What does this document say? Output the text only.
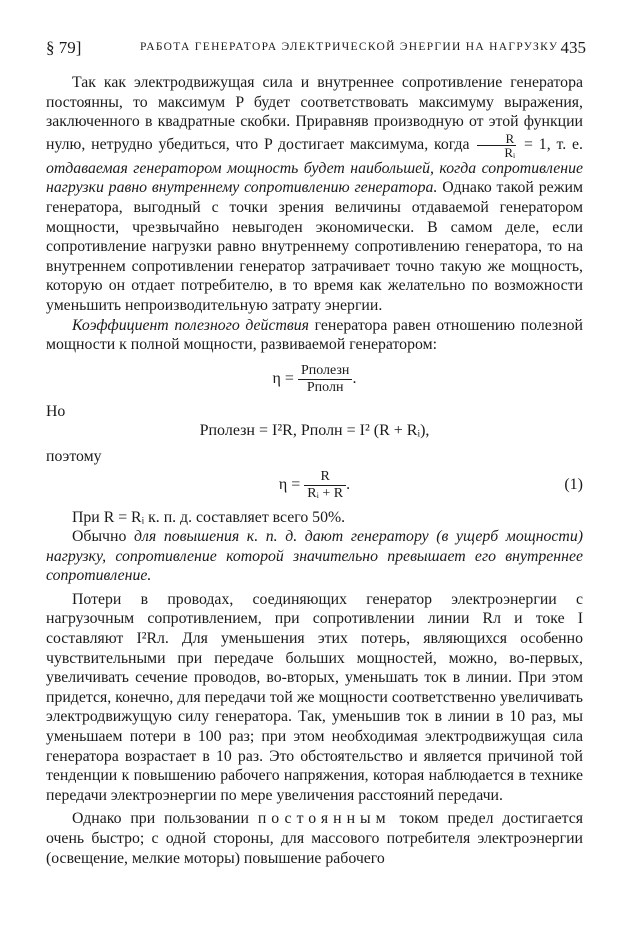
§ 79]	РАБОТА ГЕНЕРАТОРА ЭЛЕКТРИЧЕСКОЙ ЭНЕРГИИ НА НАГРУЗКУ 435

Так как электродвижущая сила и внутреннее сопротивление генератора постоянны, то максимум P будет соответствовать максимуму выражения, заключенного в квадратные скобки. Приравняв производную от этой функции нулю, нетрудно убедиться, что P достигает максимума, когда $\frac{R}{\text{Rᵢ}} = 1$, т. е. отдаваемая генератором мощность будет наибольшей, когда сопротивление нагрузки равно внутреннему сопротивлению генератора. Однако такой режим генератора, выгодный с точки зрения величины отдаваемой генератором мощности, чрезвычайно невыгоден экономически. В самом деле, если сопротивление нагрузки равно внутреннему сопротивлению генератора, то на внутреннем сопротивлении генератор затрачивает точно такую же мощность, которую он отдает потребителю, в то время как желательно по возможности уменьшить непроизводительную затрату энергии.

Коэффициент полезного действия генератора равен отношению полезной мощности к полной мощности, развиваемой генератором:

$\eta = \frac{\text{Pполезн}}{\text{Pполн}}$ .

Но

Pполезн = I²R, Pполн = I² (R + Rᵢ),

поэтому

$\eta = \frac{R}{\text{Rᵢ + R}}$ .	(1)

При R = Rᵢ к. п. д. составляет всего 50%.

Обычно для повышения к. п. д. дают генератору (в ущерб мощности) нагрузку, сопротивление которой значительно превышает его внутреннее сопротивление.

Потери в проводах, соединяющих генератор электроэнергии с нагрузочным сопротивлением, при сопротивлении линии Rл и токе I составляют I²Rл. Для уменьшения этих потерь, являющихся особенно чувствительными при передаче больших мощностей, можно, во-первых, увеличивать сечение проводов, во-вторых, уменьшать ток в линии. При этом придется, конечно, для передачи той же мощности соответственно увеличивать электродвижущую силу генератора. Так, уменьшив ток в линии в 10 раз, мы уменьшаем потери в 100 раз; при этом необходимая электродвижущая сила генератора возрастает в 10 раз. Это обстоятельство и является причиной той тенденции к повышению рабочего напряжения, которая наблюдается в технике передачи электроэнергии по мере увеличения расстояний передачи.

Однако при пользовании постоянным током предел достигается очень быстро; с одной стороны, для массового потребителя электроэнергии (освещение, мелкие моторы) повышение рабочего
